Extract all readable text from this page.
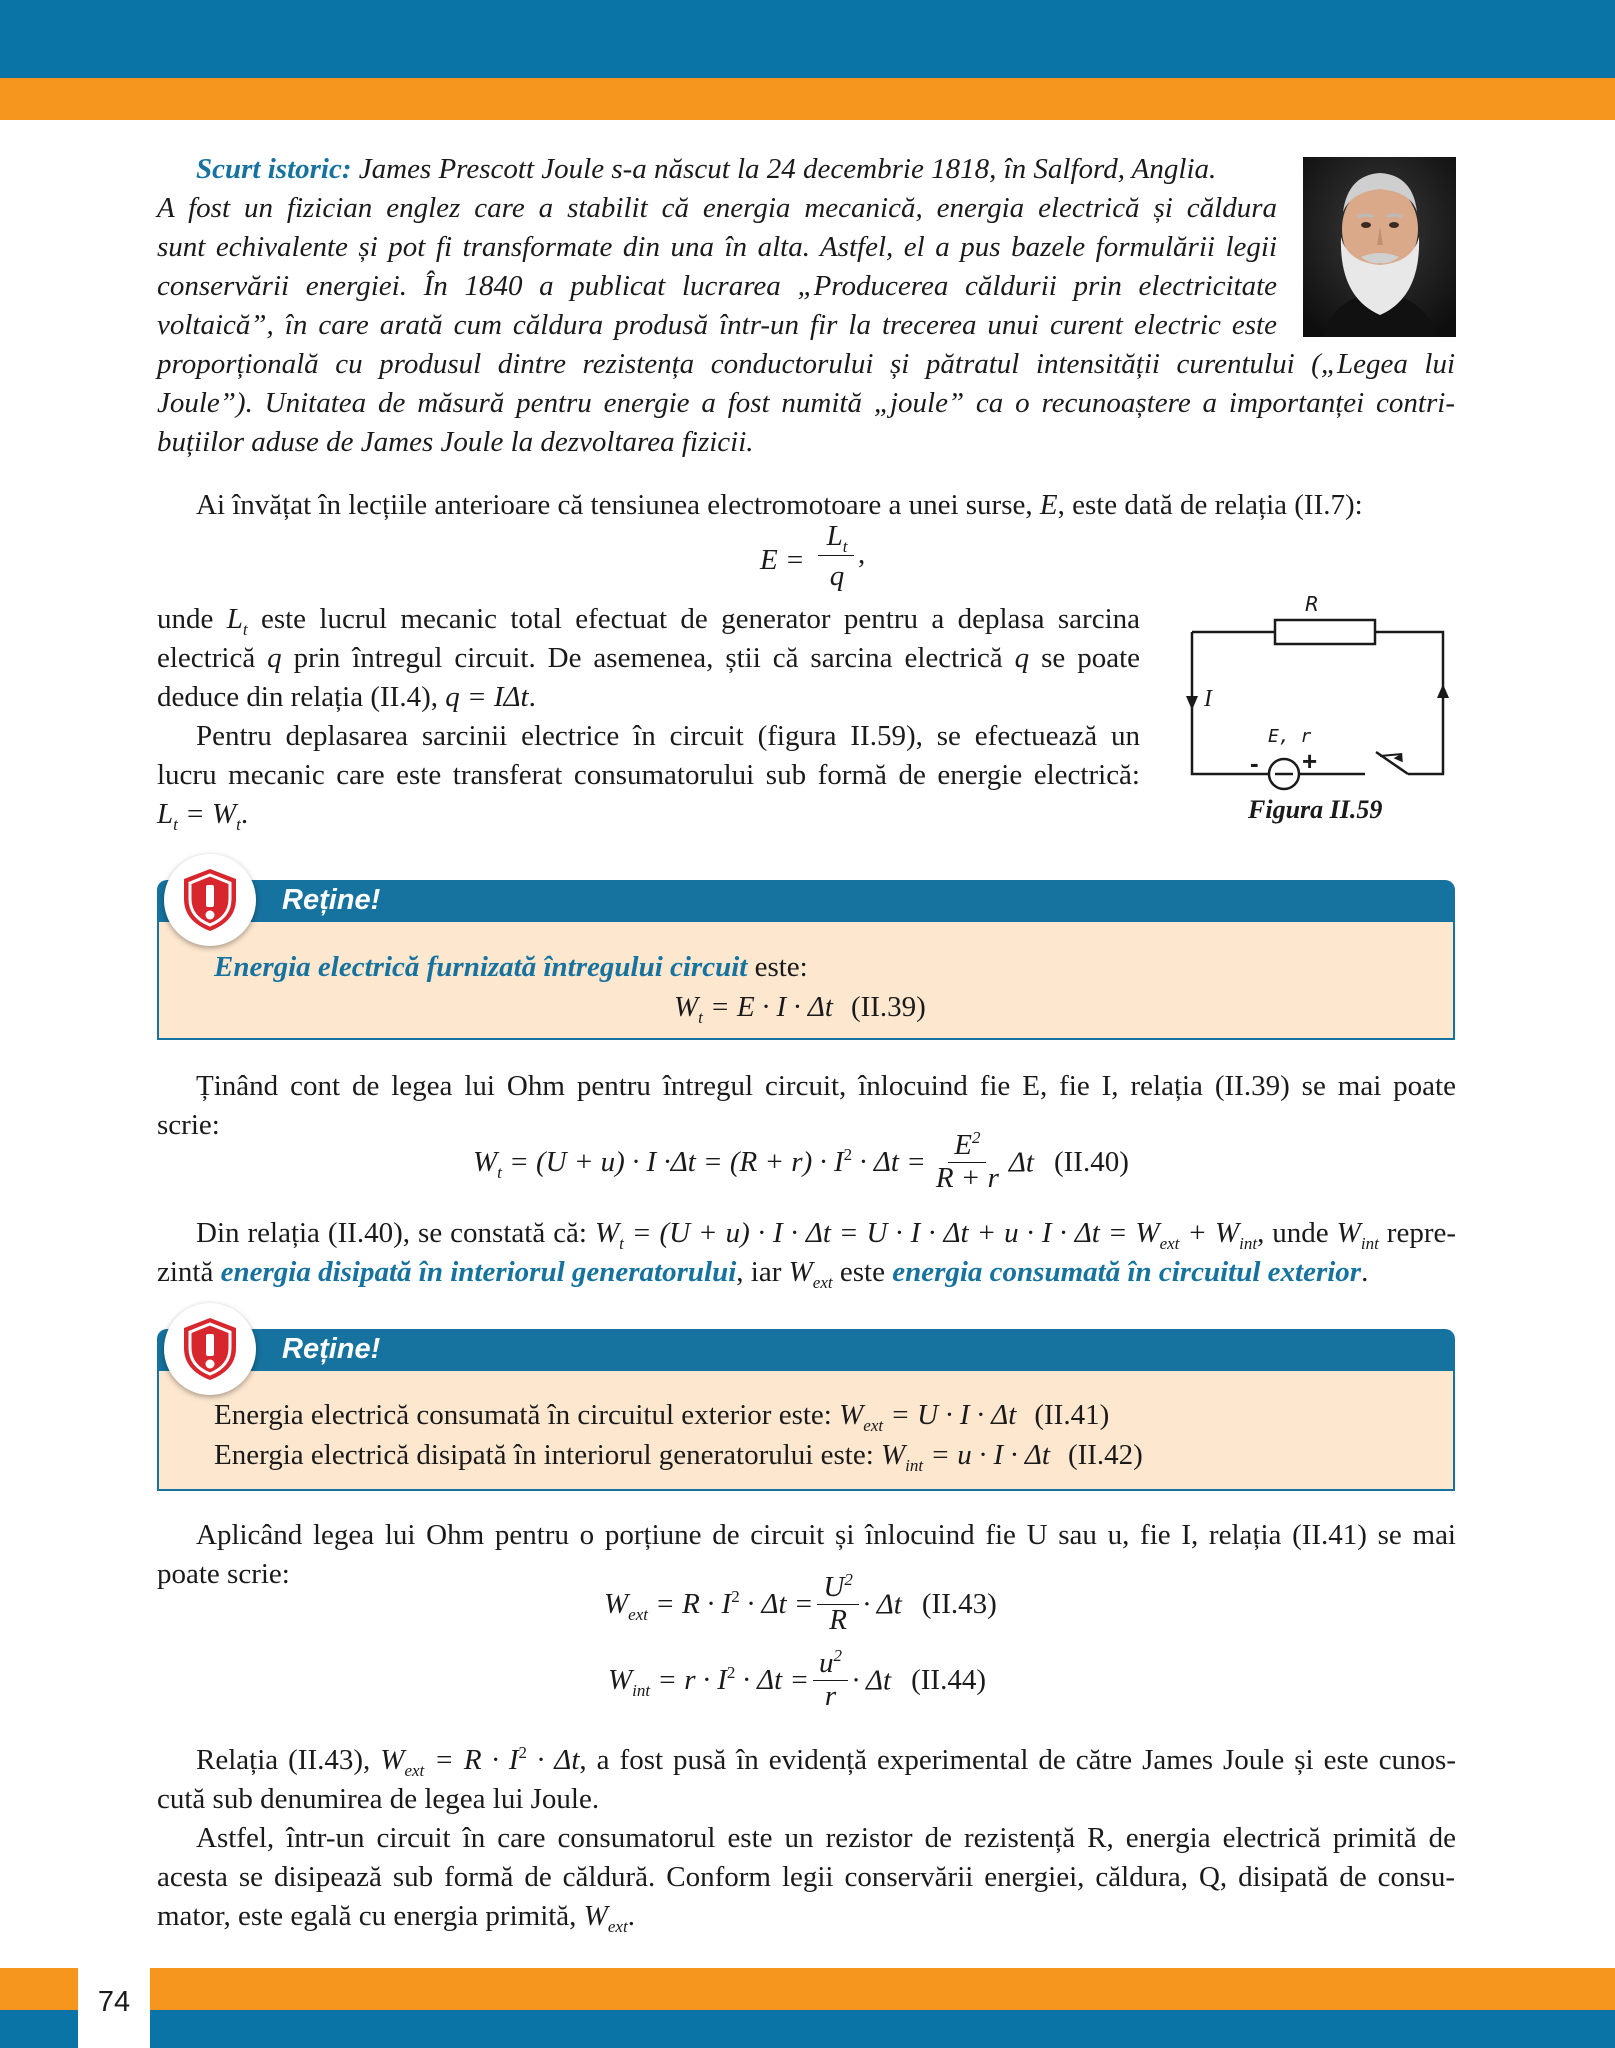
74
Scurt istoric: James Prescott Joule s-a născut la 24 decembrie 1818, în Salford, Anglia.
A fost un fizician englez care a stabilit că energia mecanică, energia electrică și căldura
sunt echivalente și pot fi transformate din una în alta. Astfel, el a pus bazele formulării legii
conservării energiei. În 1840 a publicat lucrarea „Producerea căldurii prin electricitate
voltaică”, în care arată cum căldura produsă într-un fir la trecerea unui curent electric este
proporțională cu produsul dintre rezistența conductorului și pătratul intensității curentului („Legea lui
Joule”). Unitatea de măsură pentru energie a fost numită „joule” ca o recunoaștere a importanței contri-
buțiilor aduse de James Joule la dezvoltarea fizicii.
Ai învățat în lecțiile anterioare că tensiunea electromotoare a unei surse, E, este dată de relația (II.7):
E =
$L_t$
q
,
unde $L_t$ este lucrul mecanic total efectuat de generator pentru a deplasa sarcina
electrică q prin întregul circuit. De asemenea, știi că sarcina electrică q se poate
deduce din relația (II.4), q = IΔt.
Pentru deplasarea sarcinii electrice în circuit (figura II.59), se efectuează un
lucru mecanic care este transferat consumatorului sub formă de energie electrică:
$L_t = W_t$.
R
I
E, r
- +
Figura II.59
Reține!
Energia electrică furnizată întregului circuit este:
$W_t = E \cdot I \cdot \Delta t$ (II.39)
Ținând cont de legea lui Ohm pentru întregul circuit, înlocuind fie E, fie I, relația (II.39) se mai poate
scrie:
$W_t = (U + u) \cdot I \cdot\Delta t = (R + r) \cdot I^2 \cdot \Delta t = \frac{E^2}{R + r}$ Δt (II.40)
Din relația (II.40), se constată că: $W_t = (U + u) \cdot I \cdot \Delta t = U \cdot I \cdot \Delta t + u \cdot I \cdot \Delta t = W_{ext} + W_{int}$, unde $W_{int}$ repre-
zintă energia disipată în interiorul generatorului, iar $W_{ext}$ este energia consumată în circuitul exterior.
Reține!
Energia electrică consumată în circuitul exterior este: $W_{ext} = U \cdot I \cdot \Delta t$ (II.41)
Energia electrică disipată în interiorul generatorului este: $W_{int} = u \cdot I \cdot \Delta t$ (II.42)
Aplicând legea lui Ohm pentru o porțiune de circuit și înlocuind fie U sau u, fie I, relația (II.41) se mai
poate scrie:
$W_{ext} = R \cdot I^2 \cdot \Delta t = \frac{U^2}{R} \cdot \Delta t$ (II.43)
$W_{int} = r \cdot I^2 \cdot \Delta t = \frac{u^2}{r} \cdot \Delta t$ (II.44)
Relația (II.43), $W_{ext} = R \cdot I^2 \cdot \Delta t$, a fost pusă în evidență experimental de către James Joule și este cunos-
cută sub denumirea de legea lui Joule.
Astfel, într-un circuit în care consumatorul este un rezistor de rezistență R, energia electrică primită de
acesta se disipează sub formă de căldură. Conform legii conservării energiei, căldura, Q, disipată de consu-
mator, este egală cu energia primită, $W_{ext}$.
